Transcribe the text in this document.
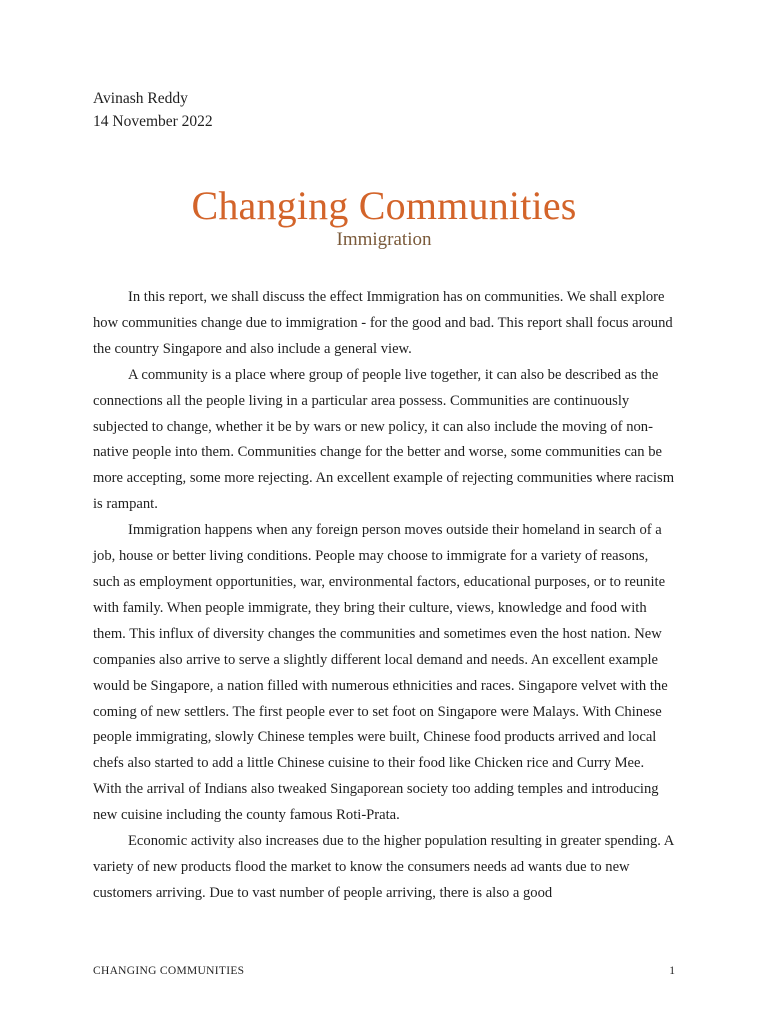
Avinash Reddy
14 November 2022
Changing Communities
Immigration

In this report, we shall discuss the effect Immigration has on communities. We shall explore how communities change due to immigration - for the good and bad. This report shall focus around the country Singapore and also include a general view.

A community is a place where group of people live together, it can also be described as the connections all the people living in a particular area possess. Communities are continuously subjected to change, whether it be by wars or new policy, it can also include the moving of non-native people into them. Communities change for the better and worse, some communities can be more accepting, some more rejecting. An excellent example of rejecting communities where racism is rampant.

Immigration happens when any foreign person moves outside their homeland in search of a job, house or better living conditions. People may choose to immigrate for a variety of reasons, such as employment opportunities, war, environmental factors, educational purposes, or to reunite with family. When people immigrate, they bring their culture, views, knowledge and food with them. This influx of diversity changes the communities and sometimes even the host nation. New companies also arrive to serve a slightly different local demand and needs. An excellent example would be Singapore, a nation filled with numerous ethnicities and races. Singapore velvet with the coming of new settlers. The first people ever to set foot on Singapore were Malays. With Chinese people immigrating, slowly Chinese temples were built, Chinese food products arrived and local chefs also started to add a little Chinese cuisine to their food like Chicken rice and Curry Mee. With the arrival of Indians also tweaked Singaporean society too adding temples and introducing new cuisine including the county famous Roti-Prata.

Economic activity also increases due to the higher population resulting in greater spending. A variety of new products flood the market to know the consumers needs ad wants due to new customers arriving. Due to vast number of people arriving, there is also a good

CHANGING COMMUNITIES	1
